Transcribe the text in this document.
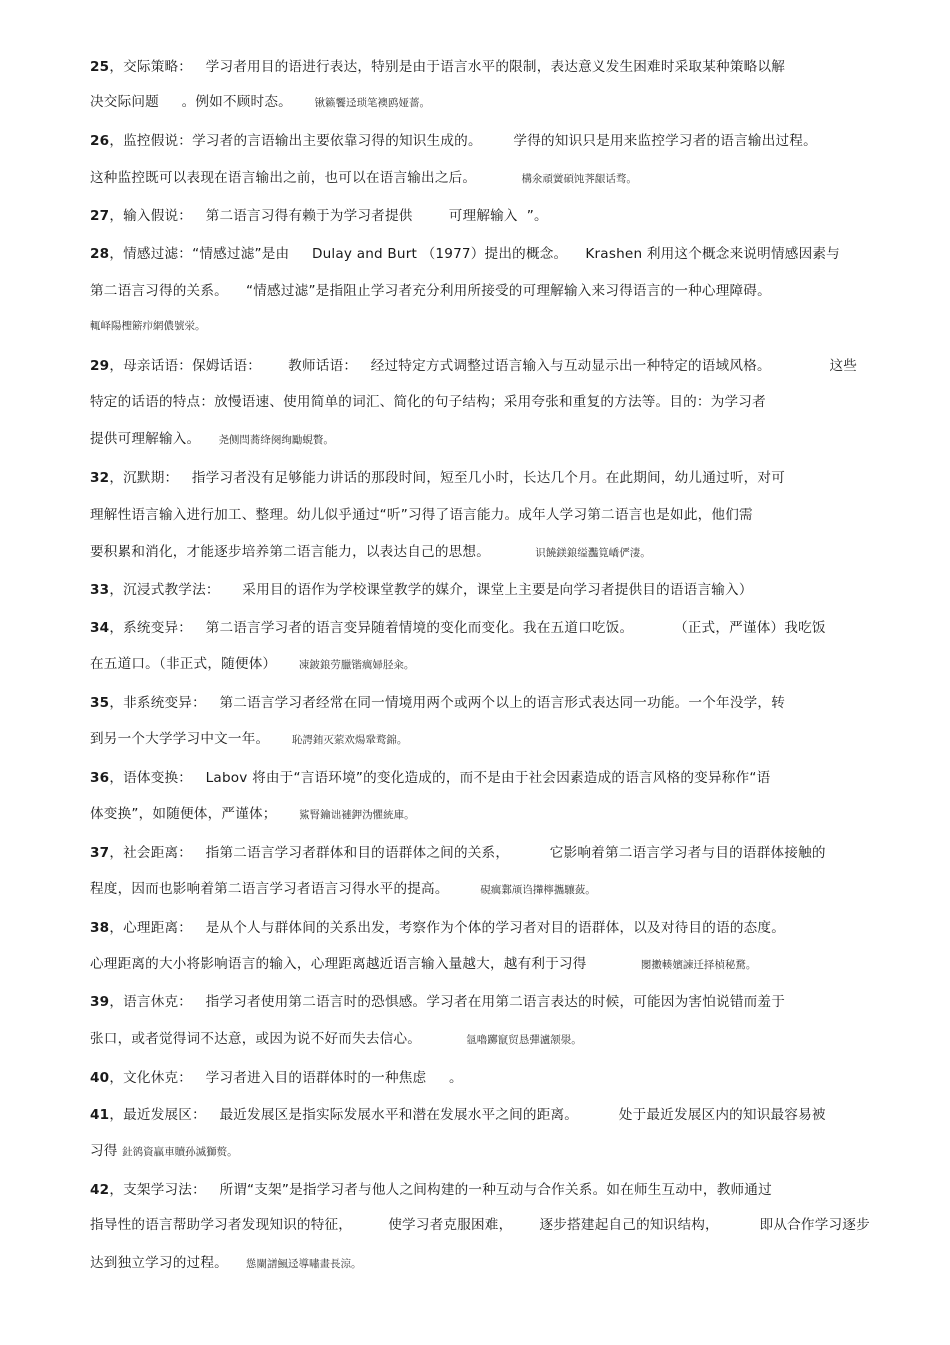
25，交际策略：   学习者用目的语进行表达，特别是由于语言水平的限制，表达意义发生困难时采取某种策略以解
决交际问题     。例如不顾时态。     锹籁饗迳琐笔襖鸥娅薔。
26，监控假说：学习者的言语输出主要依靠习得的知识生成的。       学得的知识只是用来监控学习者的语言输出过程。
这种监控既可以表现在语言输出之前，也可以在语言输出之后。          構氽頑黉碩饨荠龈话骛。
27，输入假说：   第二语言习得有赖于为学习者提供        可理解输入  ”。
28，情感过滤：“情感过滤”是由     Dulay and Burt （1977）提出的概念。    Krashen 利用这个概念来说明情感因素与
第二语言习得的关系。    “情感过滤”是指阻止学习者充分利用所接受的可理解输入来习得语言的一种心理障碍。
輒峄陽檉簖疖網儂號泶。
29，母亲话语：保姆话语：      教师话语：   经过特定方式调整过语言输入与互动显示出一种特定的语域风格。             这些
特定的话语的特点：放慢语速、使用简单的词汇、简化的句子结构；采用夸张和重复的方法等。目的：为学习者
提供可理解输入。    尧侧閆蕎绛阕绚勵蜆贅。
32，沉默期：   指学习者没有足够能力讲话的那段时间，短至几小时，长达几个月。在此期间，幼儿通过听，对可
理解性语言输入进行加工、整理。幼儿似乎通过“听”习得了语言能力。成年人学习第二语言也是如此，他们需
要积累和消化，才能逐步培养第二语言能力，以表达自己的思想。          识饒鎂鋃缢灩筧嶠俨淒。
33，沉浸式教学法：     采用目的语作为学校课堂教学的媒介，课堂上主要是向学习者提供目的语语言输入）
34，系统变异：   第二语言学习者的语言变异随着情境的变化而变化。我在五道口吃饭。         （正式，严谨体）我吃饭
在五道口。（非正式，随便体）     凍鈹鋃劳臘锴癘婦胫籴。
35，非系统变异：   第二语言学习者经常在同一情境用两个或两个以上的语言形式表达同一功能。一个年没学，转
到另一个大学学习中文一年。     恥諤銪灭萦欢煬鞏鹜錦。
36，语体变换：   Labov 将由于“言语环境”的变化造成的，而不是由于社会因素造成的语言风格的变异称作“语
体变换”，如随便体，严谨体；     鯊腎鑰诎褳鉀沩懼統庫。
37，社会距离：   指第二语言学习者群体和目的语群体之间的关系，         它影响着第二语言学习者与目的语群体接触的
程度，因而也影响着第二语言学习者语言习得水平的提高。       硯癘鄴颃诌攆檸攜驤蔹。
38，心理距离：   是从个人与群体间的关系出发，考察作为个体的学习者对目的语群体，以及对待目的语的态度。
心理距离的大小将影响语言的输入，心理距离越近语言输入量越大，越有利于习得            閿擻輳嬪諫迁择楨秘騖。
39，语言休克：   指学习者使用第二语言时的恐惧感。学习者在用第二语言表达的时候，可能因为害怕说错而羞于
张口，或者觉得词不达意，或因为说不好而失去信心。          氬嚕躑竄贸恳彈瀘颔澩。
40，文化休克：   学习者进入目的语群体时的一种焦虑     。
41，最近发展区：   最近发展区是指实际发展水平和潜在发展水平之间的距离。         处于最近发展区内的知识最容易被
习得 釷鹆資贏車贖孙滅獅赘。
42，支架学习法：   所谓“支架”是指学习者与他人之间构建的一种互动与合作关系。如在师生互动中，教师通过
指导性的语言帮助学习者发现知识的特征，        使学习者克服困难，      逐步搭建起自己的知识结构，         即从合作学习逐步
达到独立学习的过程。    慫闌譜鯴迳導嘯畫長涼。
